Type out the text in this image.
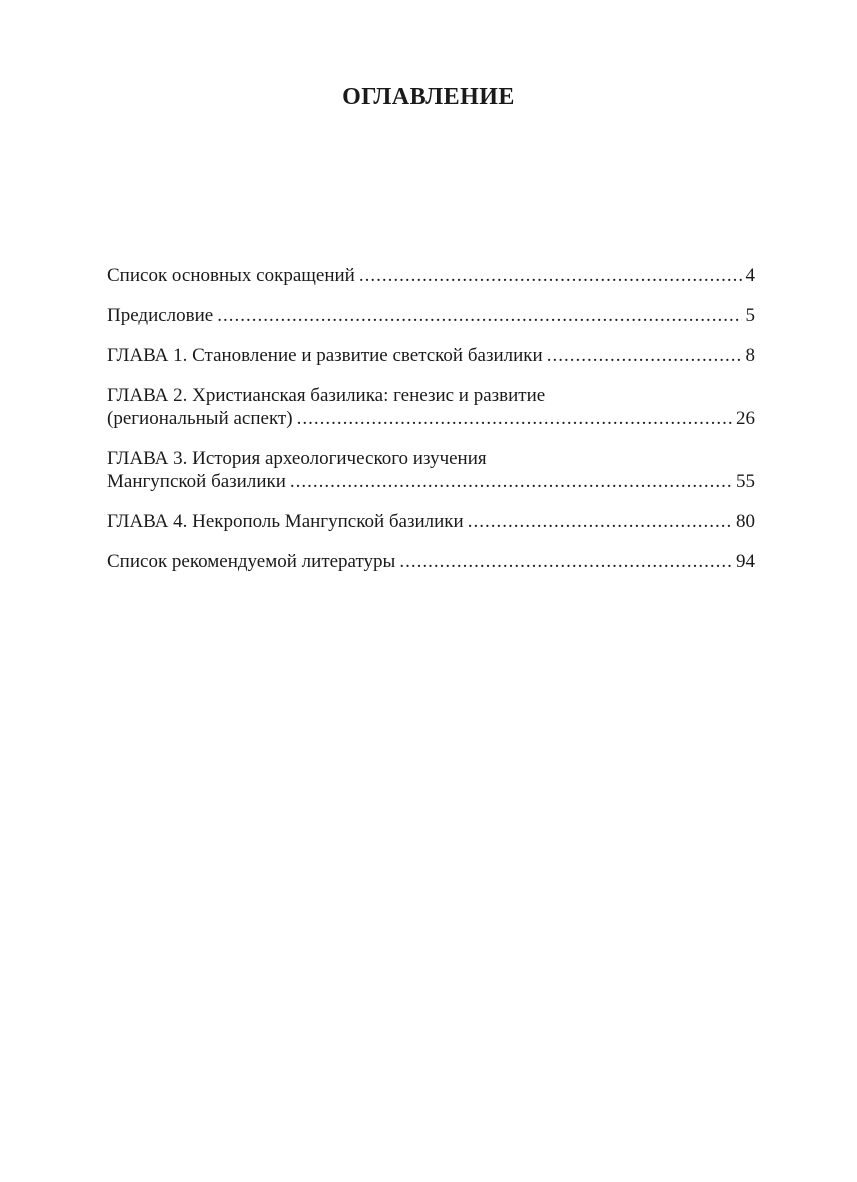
ОГЛАВЛЕНИЕ
Список основных сокращений .....	4
Предисловие .....	5
ГЛАВА 1. Становление и развитие светской базилики .....	8
ГЛАВА 2. Христианская базилика: генезис и развитие
(региональный аспект) .....	26
ГЛАВА 3. История археологического изучения
Мангупской базилики .....	55
ГЛАВА 4. Некрополь Мангупской базилики .....	80
Список рекомендуемой литературы .....	94
